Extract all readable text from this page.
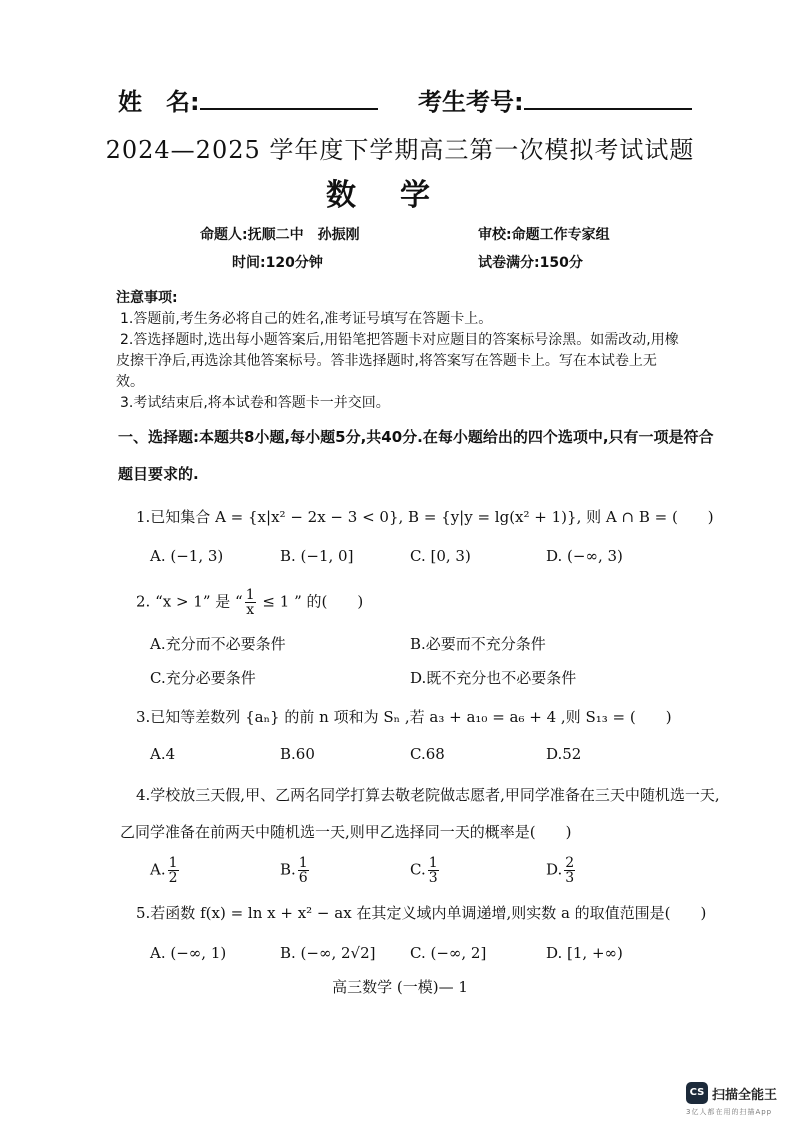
姓　名:	考生考号:
2024—2025 学年度下学期高三第一次模拟考试试题
数学
命题人:抚顺二中　孙振刚	审校:命题工作专家组
时间:120分钟	试卷满分:150分

注意事项:

1.答题前,考生务必将自己的姓名,准考证号填写在答题卡上。

2.答选择题时,选出每小题答案后,用铅笔把答题卡对应题目的答案标号涂黑。如需改动,用橡皮擦干净后,再选涂其他答案标号。答非选择题时,将答案写在答题卡上。写在本试卷上无效。

3.考试结束后,将本试卷和答题卡一并交回。

一、选择题:本题共8小题,每小题5分,共40分.在每小题给出的四个选项中,只有一项是符合
题目要求的.
1.已知集合 A = {x|x² − 2x − 3 < 0}, B = {y|y = lg(x² + 1)}, 则 A ∩ B = (　　)
A. (−1, 3)	B. (−1, 0]	C. [0, 3)	D. (−∞, 3)
2. “x > 1” 是 “ $\frac{1}{x} \le 1$ ” 的(　　)
A.充分而不必要条件	B.必要而不充分条件
C.充分必要条件	D.既不充分也不必要条件
3.已知等差数列 {aₙ} 的前 n 项和为 Sₙ ,若 a₃ + a₁₀ = a₆ + 4 ,则 S₁₃ = (　　)
A.4	B.60	C.68	D.52
4.学校放三天假,甲、乙两名同学打算去敬老院做志愿者,甲同学准备在三天中随机选一天,
乙同学准备在前两天中随机选一天,则甲乙选择同一天的概率是(　　)
A. $\frac{1}{2}$	B. $\frac{1}{6}$	C. $\frac{1}{3}$	D. $\frac{2}{3}$
5.若函数 f(x) = ln x + x² − ax 在其定义域内单调递增,则实数 a 的取值范围是(　　)
A. (−∞, 1)	B. (−∞, 2√2] C. (−∞, 2]	D. [1, +∞)
高三数学 (一模)— 1
CS 扫描全能王
3亿人都在用的扫描App
